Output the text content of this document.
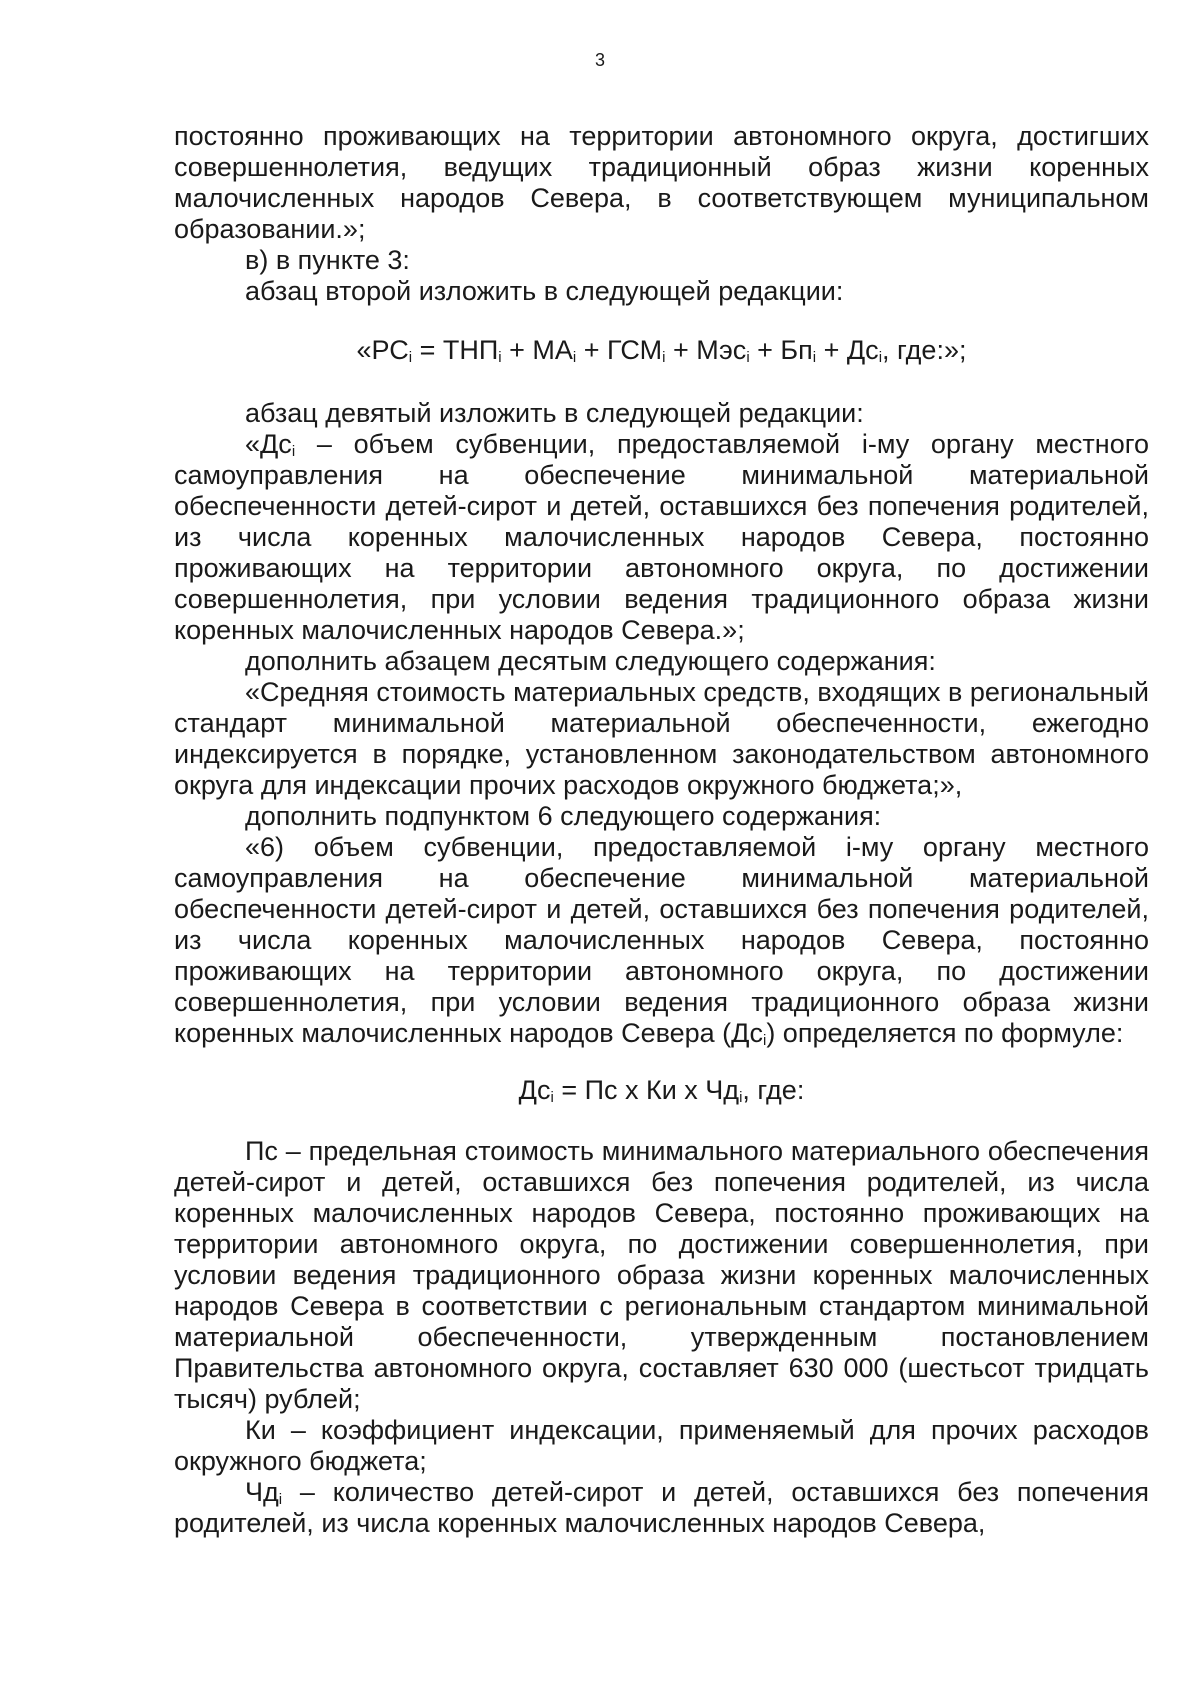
3

постоянно проживающих на территории автономного округа, достигших совершеннолетия, ведущих традиционный образ жизни коренных малочисленных народов Севера, в соответствующем муниципальном образовании.»;

в) в пункте 3:

абзац второй изложить в следующей редакции:

«$РС_i = ТНП_i + МА_i + ГСМ_i + Мэс_i + Бп_i + Дс_i$, где:»;

абзац девятый изложить в следующей редакции:

«$Дс_i$ – объем субвенции, предоставляемой i-му органу местного самоуправления на обеспечение минимальной материальной обеспеченности детей-сирот и детей, оставшихся без попечения родителей, из числа коренных малочисленных народов Севера, постоянно проживающих на территории автономного округа, по достижении совершеннолетия, при условии ведения традиционного образа жизни коренных малочисленных народов Севера.»;

дополнить абзацем десятым следующего содержания:

«Средняя стоимость материальных средств, входящих в региональный стандарт минимальной материальной обеспеченности, ежегодно индексируется в порядке, установленном законодательством автономного округа для индексации прочих расходов окружного бюджета;»,

дополнить подпунктом 6 следующего содержания:

«6) объем субвенции, предоставляемой i-му органу местного самоуправления на обеспечение минимальной материальной обеспеченности детей-сирот и детей, оставшихся без попечения родителей, из числа коренных малочисленных народов Севера, постоянно проживающих на территории автономного округа, по достижении совершеннолетия, при условии ведения традиционного образа жизни коренных малочисленных народов Севера $(Дс_i)$ определяется по формуле:

$Дс_i$ = Пс х Ки х $Чд_i$, где:

Пс – предельная стоимость минимального материального обеспечения детей-сирот и детей, оставшихся без попечения родителей, из числа коренных малочисленных народов Севера, постоянно проживающих на территории автономного округа, по достижении совершеннолетия, при условии ведения традиционного образа жизни коренных малочисленных народов Севера в соответствии с региональным стандартом минимальной материальной обеспеченности, утвержденным постановлением Правительства автономного округа, составляет 630 000 (шестьсот тридцать тысяч) рублей;

Ки – коэффициент индексации, применяемый для прочих расходов окружного бюджета;

$Чд_i$ – количество детей-сирот и детей, оставшихся без попечения родителей, из числа коренных малочисленных народов Севера,
